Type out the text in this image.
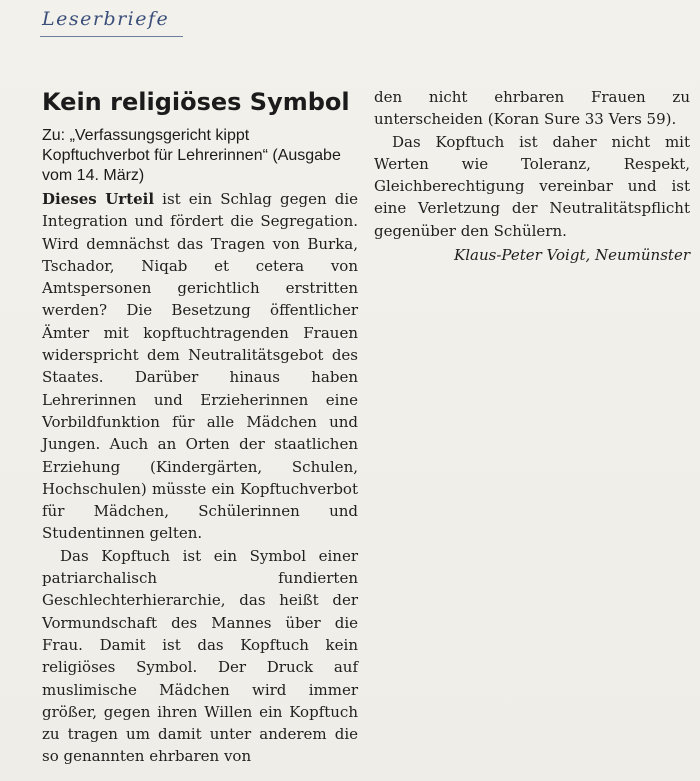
Leserbriefe
Kein religiöses Symbol
Zu: „Verfassungsgericht kippt Kopftuchverbot für Lehrerinnen“ (Ausgabe vom 14. März)

Dieses Urteil ist ein Schlag gegen die Integration und fördert die Segregation. Wird demnächst das Tragen von Burka, Tschador, Niqab et cetera von Amtspersonen gerichtlich erstritten werden? Die Besetzung öffentlicher Ämter mit kopftuchtragenden Frauen widerspricht dem Neutralitätsgebot des Staates. Darüber hinaus haben Lehrerinnen und Erzieherinnen eine Vorbildfunktion für alle Mädchen und Jungen. Auch an Orten der staatlichen Erziehung (Kindergärten, Schulen, Hochschulen) müsste ein Kopftuchverbot für Mädchen, Schülerinnen und Studentinnen gelten.

Das Kopftuch ist ein Symbol einer patriarchalisch fundierten Geschlechterhierarchie, das heißt der Vormundschaft des Mannes über die Frau. Damit ist das Kopftuch kein religiöses Symbol. Der Druck auf muslimische Mädchen wird immer größer, gegen ihren Willen ein Kopftuch zu tragen um damit unter anderem die so genannten ehrbaren von

den nicht ehrbaren Frauen zu unterscheiden (Koran Sure 33 Vers 59).

Das Kopftuch ist daher nicht mit Werten wie Toleranz, Respekt, Gleichberechtigung vereinbar und ist eine Verletzung der Neutralitätspflicht gegenüber den Schülern.

Klaus-Peter Voigt, Neumünster
